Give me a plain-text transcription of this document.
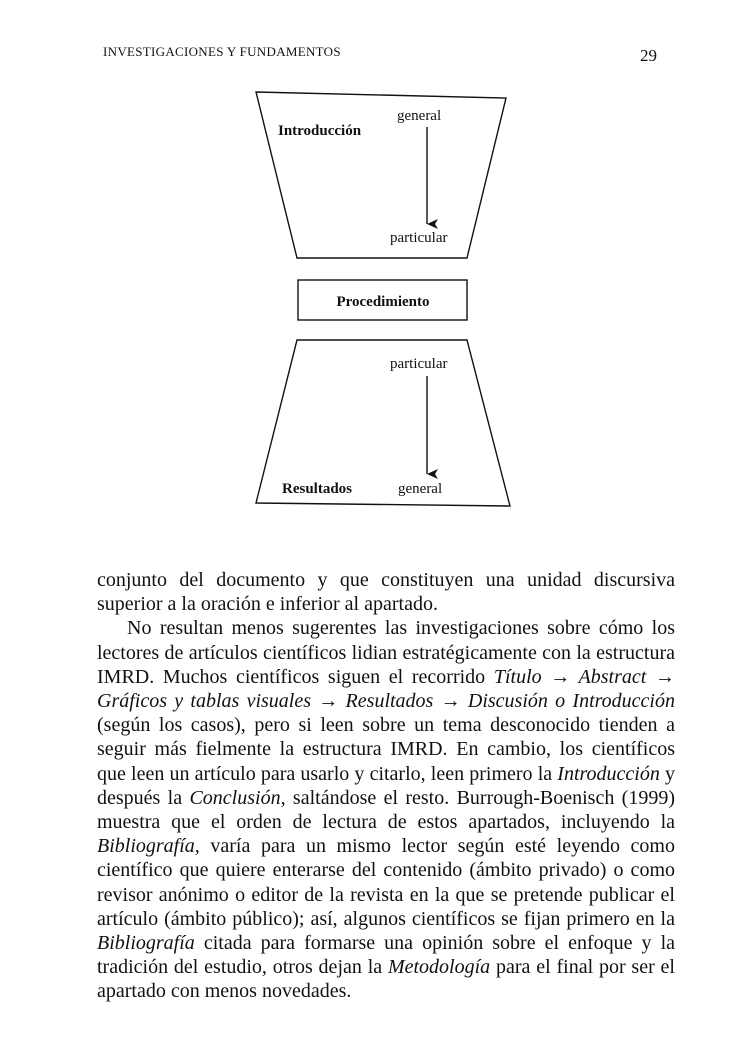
INVESTIGACIONES Y FUNDAMENTOS	29
Introducción
general
particular
Procedimiento
particular
Resultados	general

conjunto del documento y que constituyen una unidad discursiva superior a la oración e inferior al apartado.

No resultan menos sugerentes las investigaciones sobre cómo los lectores de artículos científicos lidian estratégicamente con la estructura IMRD. Muchos científicos siguen el recorrido Título → Abstract → Gráficos y tablas visuales → Resultados → Discusión o Introducción (según los casos), pero si leen sobre un tema desconocido tienden a seguir más fielmente la estructura IMRD. En cambio, los científicos que leen un artículo para usarlo y citarlo, leen primero la Introducción y después la Conclusión, saltándose el resto. Burrough-Boenisch (1999) muestra que el orden de lectura de estos apartados, incluyendo la Bibliografía, varía para un mismo lector según esté leyendo como científico que quiere enterarse del contenido (ámbito privado) o como revisor anónimo o editor de la revista en la que se pretende publicar el artículo (ámbito público); así, algunos científicos se fijan primero en la Bibliografía citada para formarse una opinión sobre el enfoque y la tradición del estudio, otros dejan la Metodología para el final por ser el apartado con menos novedades.
